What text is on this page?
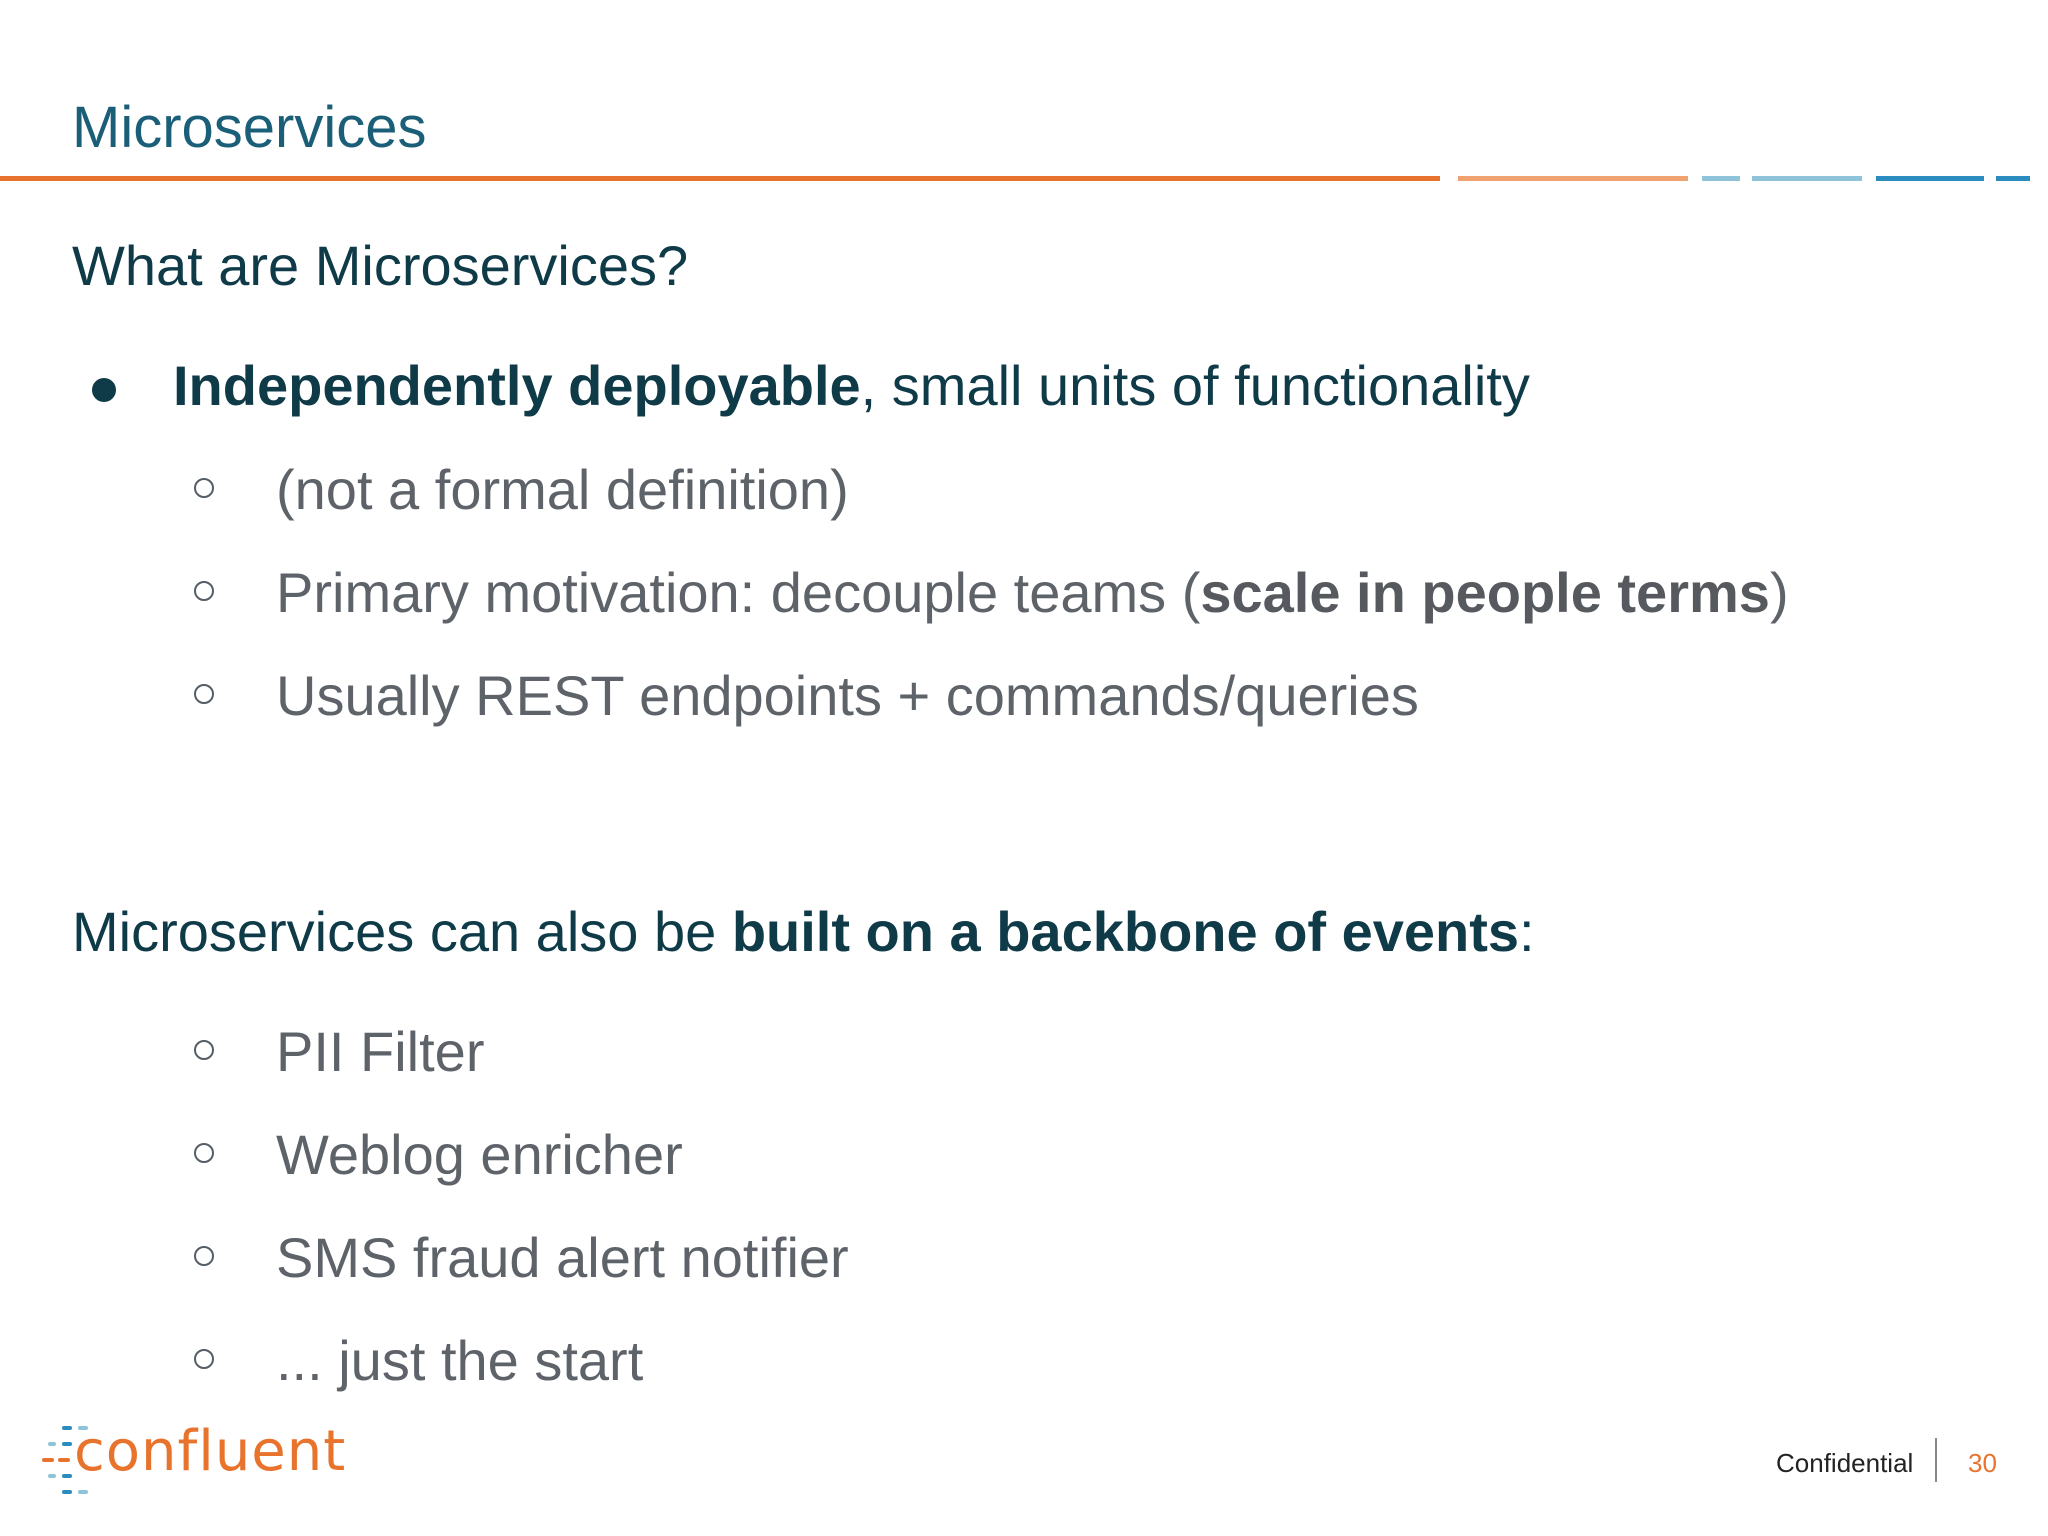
Microservices
What are Microservices?
Independently deployable, small units of functionality
(not a formal definition)
Primary motivation: decouple teams (scale in people terms)
Usually REST endpoints + commands/queries
Microservices can also be built on a backbone of events:
PII Filter
Weblog enricher
SMS fraud alert notifier
... just the start
confluent	Confidential 30
